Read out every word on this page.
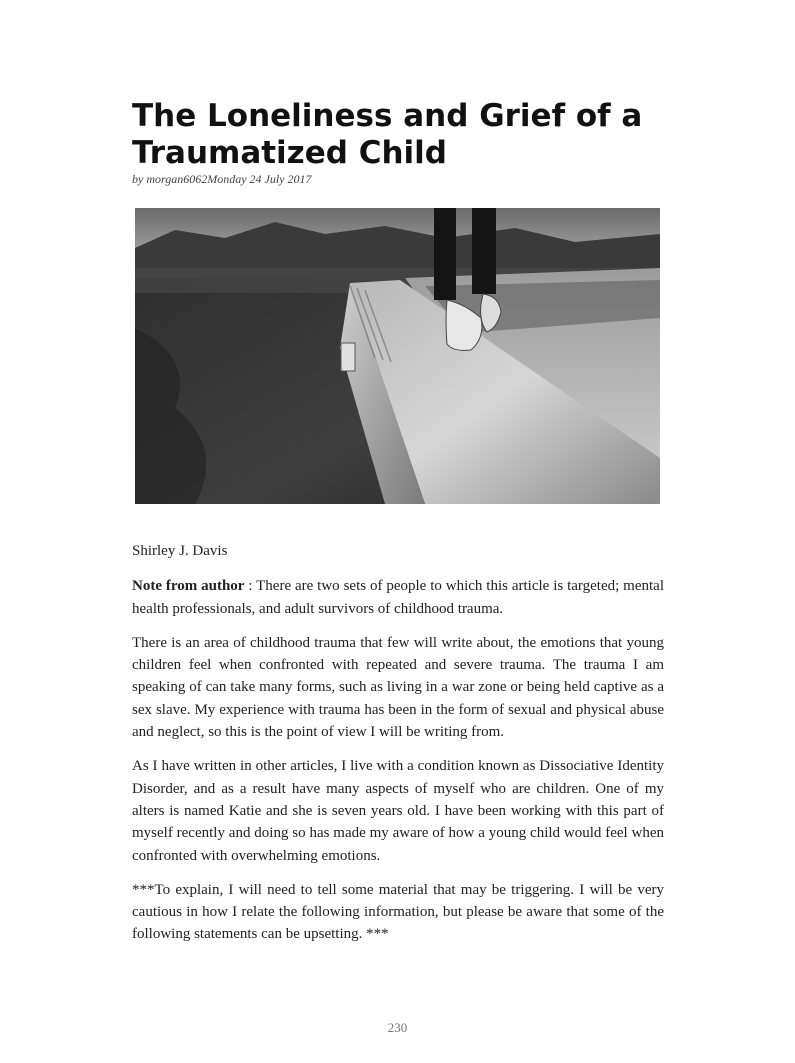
The Loneliness and Grief of a Traumatized Child

by morgan6062Monday 24 July 2017

Shirley J. Davis

Note from author : There are two sets of people to which this article is targeted; mental health professionals, and adult survivors of childhood trauma.

There is an area of childhood trauma that few will write about, the emotions that young children feel when confronted with repeated and severe trauma. The trauma I am speaking of can take many forms, such as living in a war zone or being held captive as a sex slave. My experience with trauma has been in the form of sexual and physical abuse and neglect, so this is the point of view I will be writing from.

As I have written in other articles, I live with a condition known as Dissociative Identity Disorder, and as a result have many aspects of myself who are children. One of my alters is named Katie and she is seven years old. I have been working with this part of myself recently and doing so has made my aware of how a young child would feel when confronted with overwhelming emotions.

***To explain, I will need to tell some material that may be triggering. I will be very cautious in how I relate the following information, but please be aware that some of the following statements can be upsetting. ***

230
